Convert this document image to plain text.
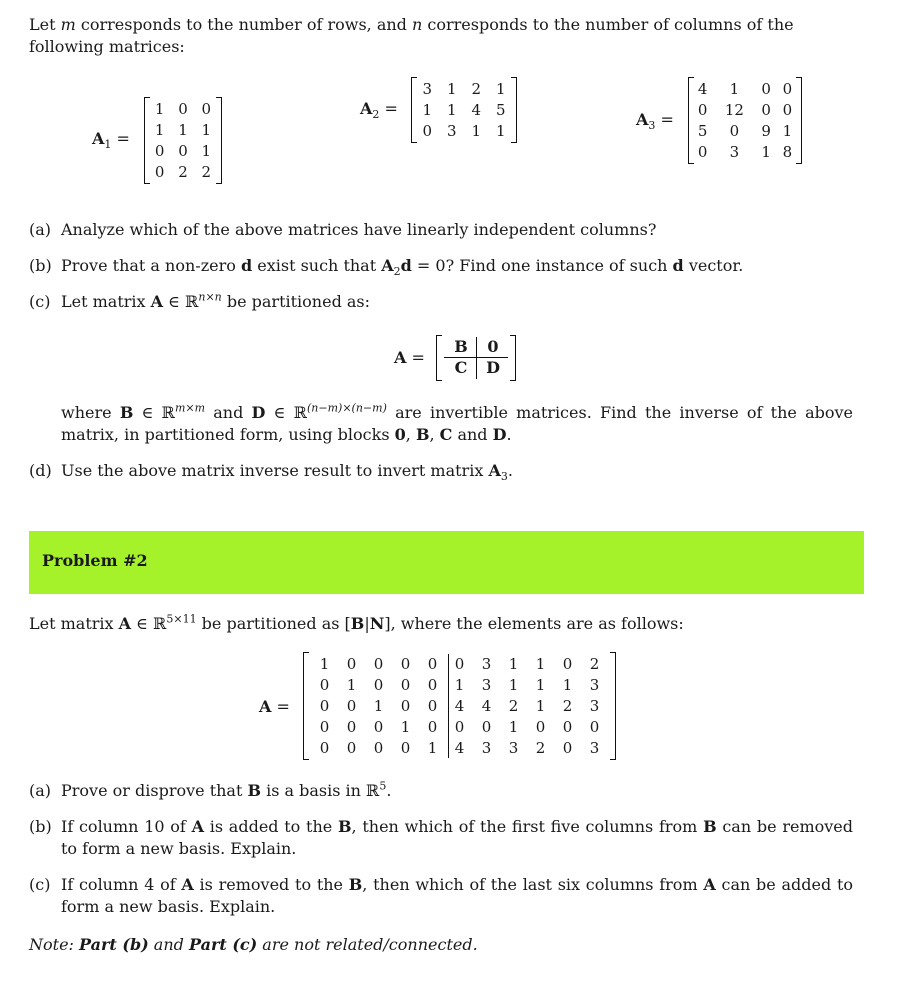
Let m corresponds to the number of rows, and n corresponds to the number of columns of the following matrices:
$A_1$ =
1	0	0
1	1	1
0	0	1
0	2	2
$A_2$ =
3	1	2	1
1	1	4	5
0	3	1	1
$A_3$ =
4	1	0	0
0	12	0	0
5	0	9	1
0	3	1	8
(a) Analyze which of the above matrices have linearly independent columns?
(b) Prove that a non-zero d exist such that $A_2d = 0$? Find one instance of such d vector.
(c) Let matrix A ∈ ℝ$^{n\times n}$ be partitioned as:
A =
B	0
C D
where B ∈ ℝ$^{m\times m}$ and D ∈ ℝ$^{(n-m)\times(n-m)}$ are invertible matrices. Find the inverse of the above matrix, in partitioned form, using blocks 0, B, C and D.
(d) Use the above matrix inverse result to invert matrix $A_3$.
Problem #2
Let matrix A ∈ ℝ$^{5\times 11}$ be partitioned as [B|N], where the elements are as follows:
A =
1	0	0	0	0	0	3	1	1	0	2
0	1	0	0	0	1	3	1	1	1	3
0	0	1	0	0	4	4	2	1	2	3
0	0	0	1	0	0	0	1	0	0	0
0	0	0	0	1	4	3	3	2	0	3
(a) Prove or disprove that B is a basis in ℝ$^5$.
(b) If column 10 of A is added to the B, then which of the first five columns from B can be removed to form a new basis. Explain.
(c) If column 4 of A is removed to the B, then which of the last six columns from A can be added to form a new basis. Explain.
Note: Part (b) and Part (c) are not related/connected.
